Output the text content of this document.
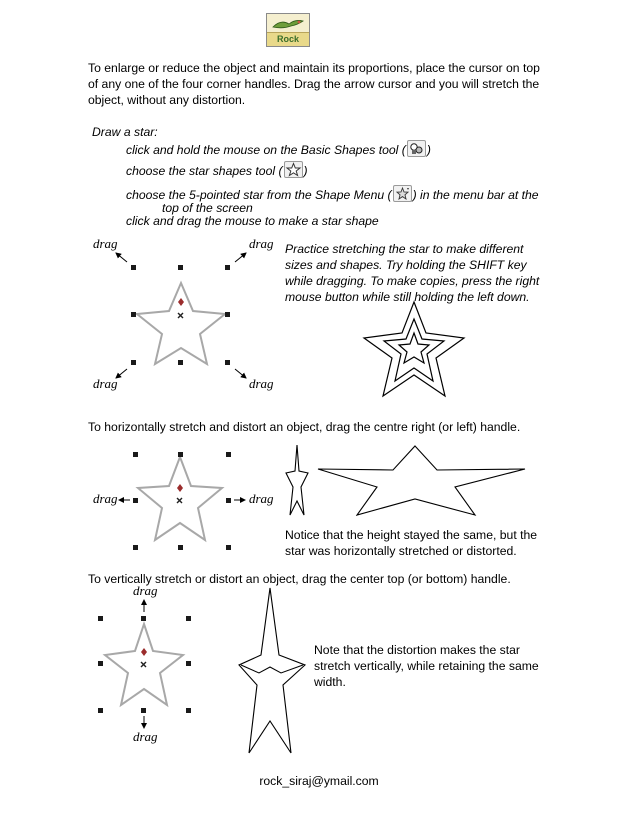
Rock
To enlarge or reduce the object and maintain its proportions, place the cursor on top of any one of the four corner handles. Drag the arrow cursor and you will stretch the object, without any distortion.
Draw a star:
click and hold the mouse on the Basic Shapes tool ( )
choose the star shapes tool ( )
choose the 5-pointed star from the Shape Menu ( ) in the menu bar at the
top of the screen
click and drag the mouse to make a star shape
drag	drag
drag	drag
Practice stretching the star to make different sizes and shapes. Try holding the SHIFT key while dragging. To make copies, press the right mouse button while still holding the left down.
To horizontally stretch and distort an object, drag the centre right (or left) handle.
drag	drag
Notice that the height stayed the same, but the star was horizontally stretched or distorted.
To vertically stretch or distort an object, drag the center top (or bottom) handle.
drag
drag
Note that the distortion makes the star stretch vertically, while retaining the same width.
rock_siraj@ymail.com
